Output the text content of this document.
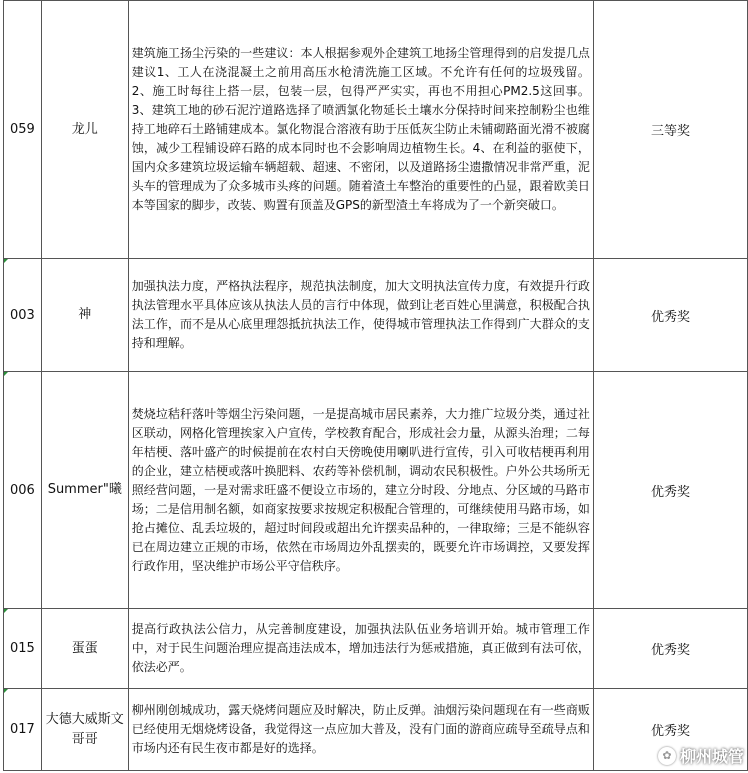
059	龙儿	建筑施工扬尘污染的一些建议：本人根据参观外企建筑工地扬尘管理得到的启发提几点建议1、工人在浇混凝土之前用高压水枪清洗施工区域。不允许有任何的垃圾残留。2、施工时每往上搭一层，包装一层，包得严严实实，再也不用担心PM2.5这回事。3、建筑工地的砂石泥泞道路选择了喷洒氯化物延长土壤水分保持时间来控制粉尘也维持工地碎石土路铺建成本。氯化物混合溶液有助于压低灰尘防止未铺砌路面光滑不被腐蚀，减少工程铺设碎石路的成本同时也不会影响周边植物生长。4、在利益的驱使下，国内众多建筑垃圾运输车辆超载、超速、不密闭，以及道路扬尘遗撒情况非常严重，泥头车的管理成为了众多城市头疼的问题。随着渣土车整治的重要性的凸显，跟着欧美日本等国家的脚步，改装、购置有顶盖及GPS的新型渣土车将成为了一个新突破口。	三等奖

003	神	加强执法力度，严格执法程序，规范执法制度，加大文明执法宣传力度，有效提升行政执法管理水平具体应该从执法人员的言行中体现，做到让老百姓心里满意，积极配合执法工作，而不是从心底里理怨抵抗执法工作，使得城市管理执法工作得到广大群众的支持和理解。	优秀奖

006	Summer"曦	焚烧垃秸秆落叶等烟尘污染问题，一是提高城市居民素养，大力推广垃圾分类，通过社区联动，网格化管理挨家入户宣传，学校教育配合，形成社会力量，从源头治理；二每年桔梗、落叶盛产的时候提前在农村白天傍晚使用喇叭进行宣传，引入可收桔梗再利用的企业，建立桔梗或落叶换肥料、农药等补偿机制，调动农民积极性。户外公共场所无照经营问题，一是对需求旺盛不便设立市场的，建立分时段、分地点、分区域的马路市场；二是信用制名额，如商家按要求按规定积极配合管理的，可继续使用马路市场，如抢占摊位、乱丢垃圾的，超过时间段或超出允许摆卖品种的，一律取缔；三是不能纵容已在周边建立正规的市场，依然在市场周边外乱摆卖的，既要允许市场调控，又要发挥行政作用，坚决维护市场公平守信秩序。	优秀奖

015	蛋蛋	提高行政执法公信力，从完善制度建设，加强执法队伍业务培训开始。城市管理工作中，对于民生问题治理应提高违法成本，增加违法行为惩戒措施，真正做到有法可依，依法必严。	优秀奖

017	大德大威斯文哥哥	柳州刚创城成功，露天烧烤问题应及时解决，防止反弹。油烟污染问题现在有一些商贩已经使用无烟烧烤设备，我觉得这一点应加大普及，没有门面的游商应疏导至疏导点和市场内还有民生夜市都是好的选择。	优秀奖
✿ 柳州城管
